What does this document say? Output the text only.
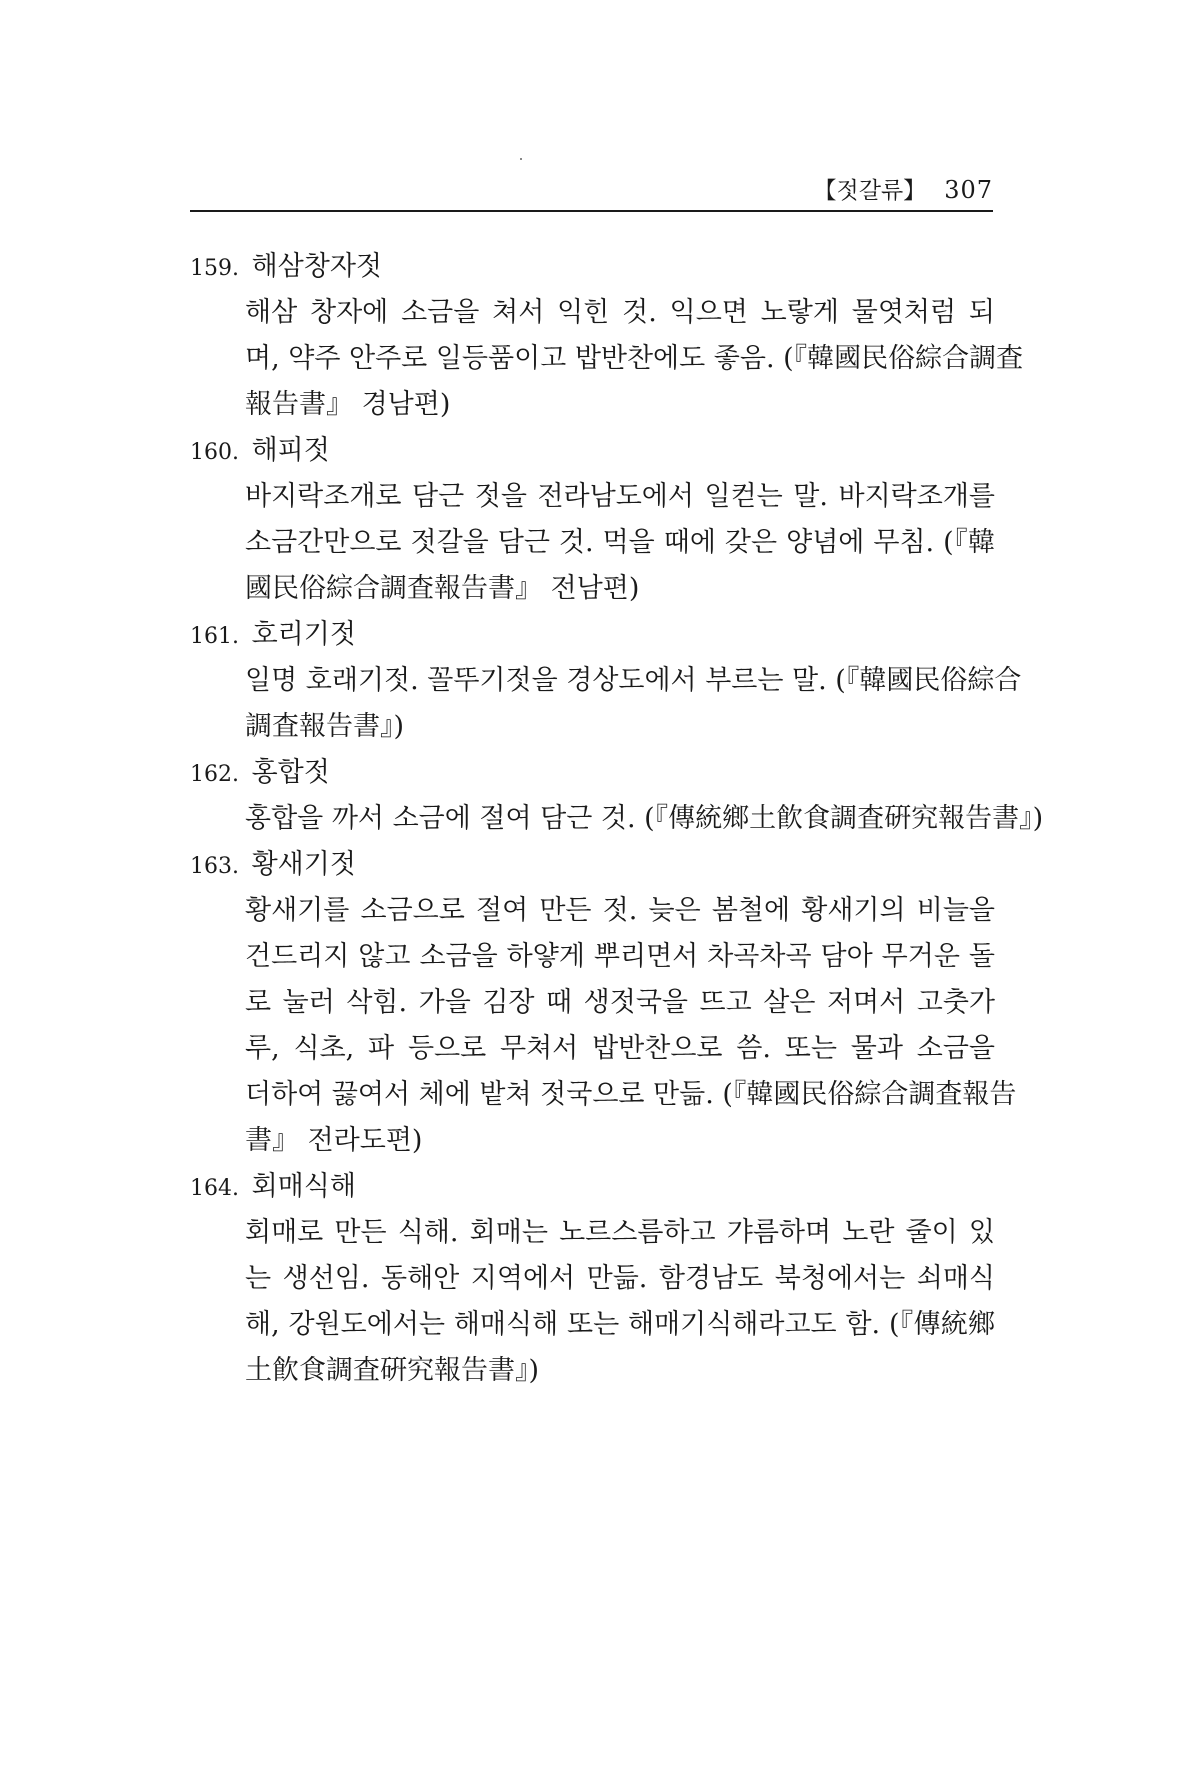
【젓갈류】 307
159. 해삼창자젓
해삼 창자에 소금을 쳐서 익힌 것. 익으면 노랗게 물엿처럼 되
며, 약주 안주로 일등품이고 밥반찬에도 좋음. (『韓國民俗綜合調査
報告書』 경남편)
160. 해피젓
바지락조개로 담근 젓을 전라남도에서 일컫는 말. 바지락조개를
소금간만으로 젓갈을 담근 것. 먹을 때에 갖은 양념에 무침. (『韓
國民俗綜合調査報告書』 전남편)
161. 호리기젓
일명 호래기젓. 꼴뚜기젓을 경상도에서 부르는 말. (『韓國民俗綜合
調査報告書』)
162. 홍합젓
홍합을 까서 소금에 절여 담근 것. (『傳統鄉土飮食調査硏究報告書』)
163. 황새기젓
황새기를 소금으로 절여 만든 젓. 늦은 봄철에 황새기의 비늘을
건드리지 않고 소금을 하얗게 뿌리면서 차곡차곡 담아 무거운 돌
로 눌러 삭힘. 가을 김장 때 생젓국을 뜨고 살은 저며서 고춧가
루, 식초, 파 등으로 무쳐서 밥반찬으로 씀. 또는 물과 소금을
더하여 끓여서 체에 밭쳐 젓국으로 만듦. (『韓國民俗綜合調査報告
書』 전라도편)
164. 회매식해
회매로 만든 식해. 회매는 노르스름하고 갸름하며 노란 줄이 있
는 생선임. 동해안 지역에서 만듦. 함경남도 북청에서는 쇠매식
해, 강원도에서는 해매식해 또는 해매기식해라고도 함. (『傳統鄉
土飮食調査硏究報告書』)
